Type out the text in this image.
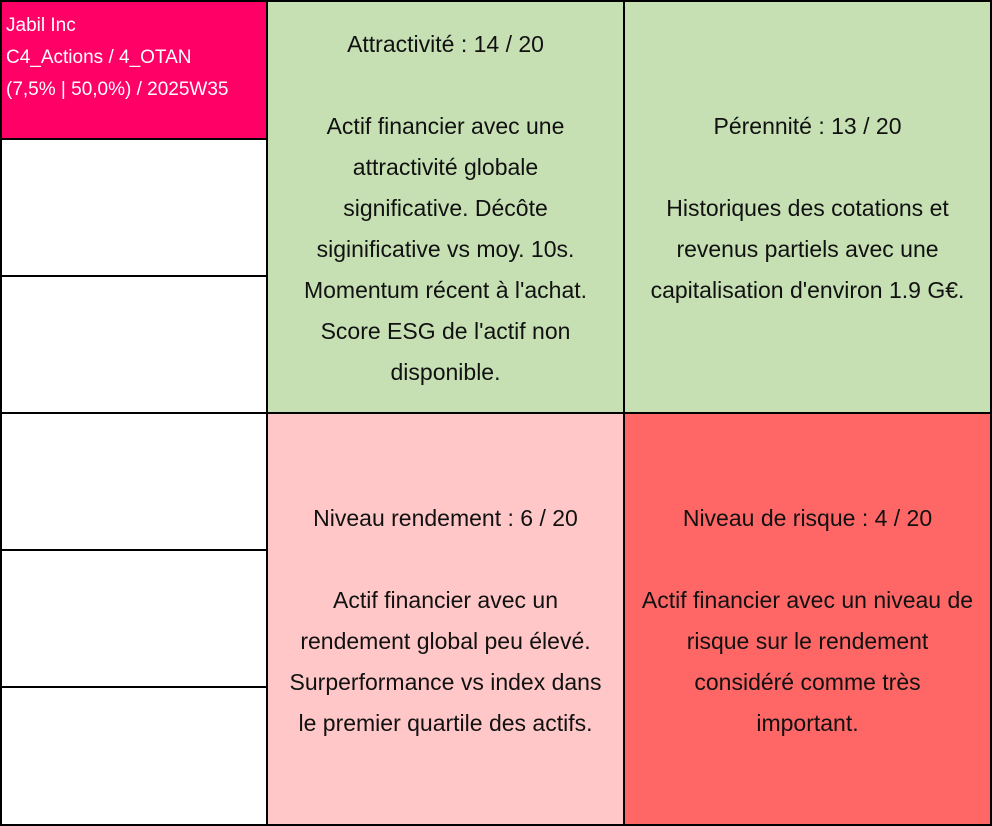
Jabil Inc
C4_Actions / 4_OTAN
(7,5% | 50,0%) / 2025W35
Attractivité : 14 / 20
Actif financier avec une
attractivité globale
significative. Décôte
siginificative vs moy. 10s.
Momentum récent à l'achat.
Score ESG de l'actif non
disponible.
Pérennité : 13 / 20
Historiques des cotations et
revenus partiels avec une
capitalisation d'environ 1.9 G€.
Niveau rendement : 6 / 20
Actif financier avec un
rendement global peu élevé.
Surperformance vs index dans
le premier quartile des actifs.
Niveau de risque : 4 / 20
Actif financier avec un niveau de
risque sur le rendement
considéré comme très
important.
